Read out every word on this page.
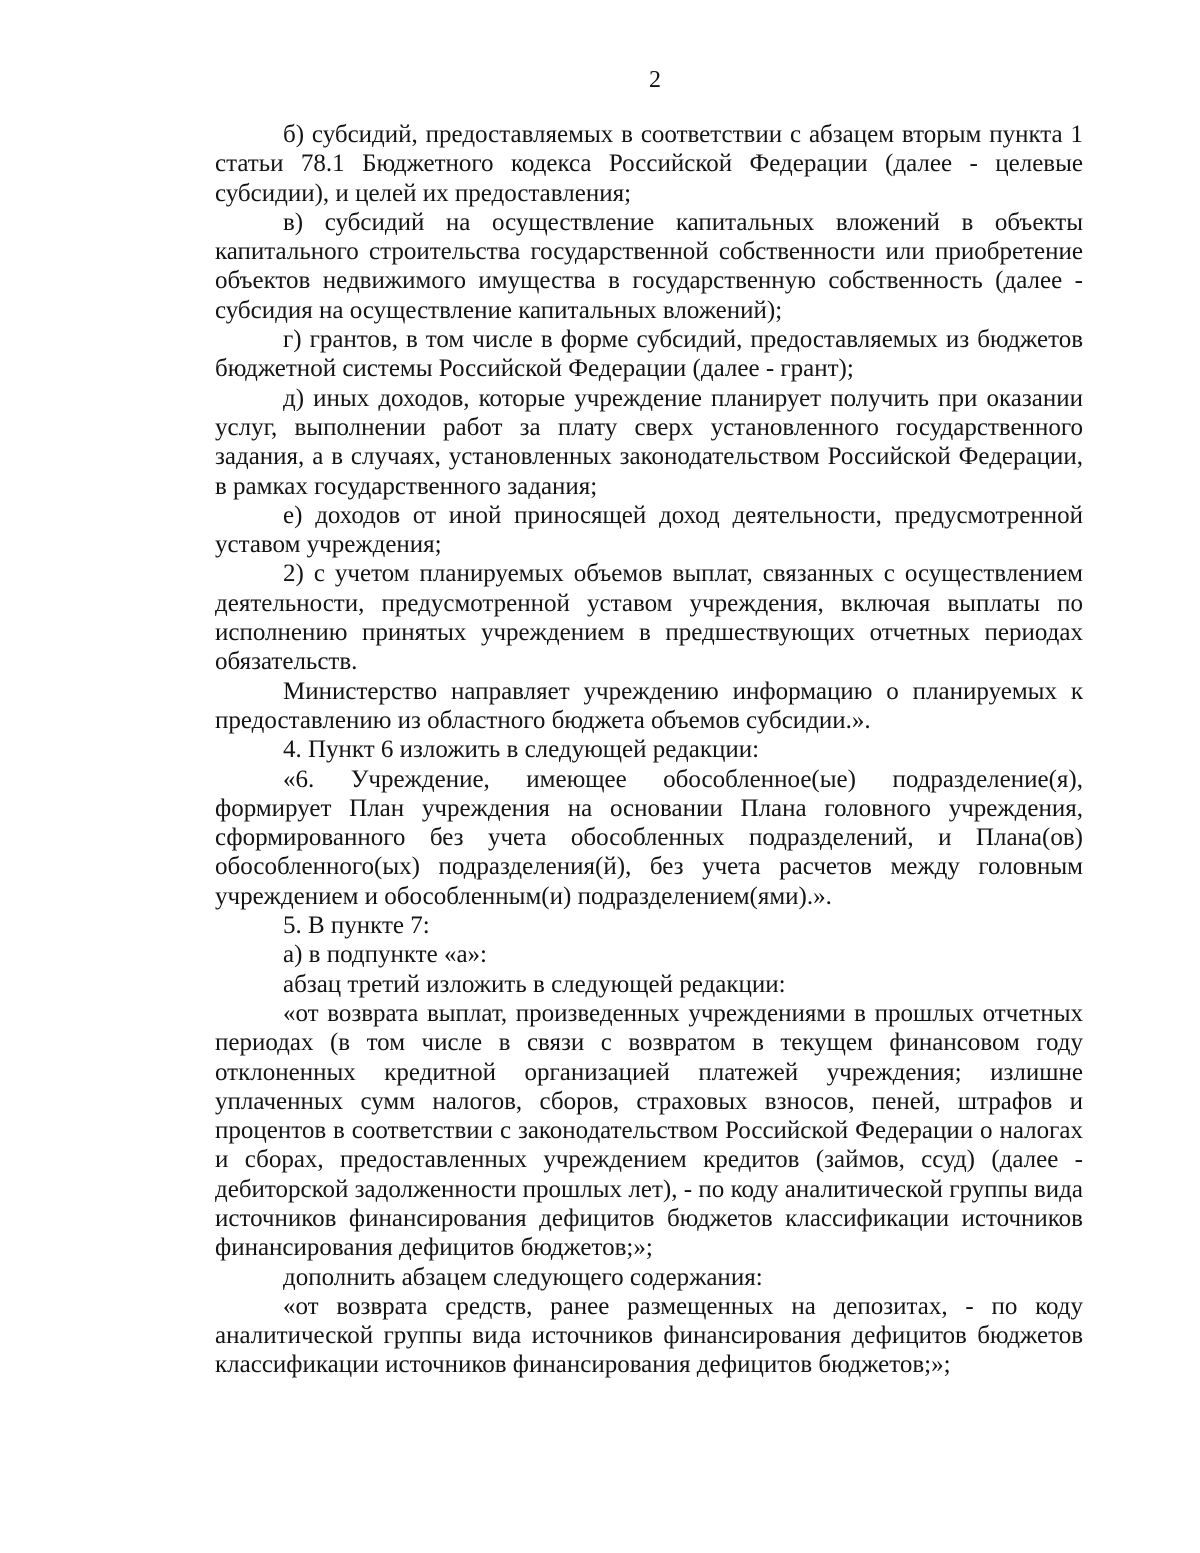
2

б) субсидий, предоставляемых в соответствии с абзацем вторым пункта 1 статьи 78.1 Бюджетного кодекса Российской Федерации (далее - целевые субсидии), и целей их предоставления;

в) субсидий на осуществление капитальных вложений в объекты капитального строительства государственной собственности или приобретение объектов недвижимого имущества в государственную собственность (далее - субсидия на осуществление капитальных вложений);

г) грантов, в том числе в форме субсидий, предоставляемых из бюджетов бюджетной системы Российской Федерации (далее - грант);

д) иных доходов, которые учреждение планирует получить при оказании услуг, выполнении работ за плату сверх установленного государственного задания, а в случаях, установленных законодательством Российской Федерации, в рамках государственного задания;

е) доходов от иной приносящей доход деятельности, предусмотренной уставом учреждения;

2) с учетом планируемых объемов выплат, связанных с осуществлением деятельности, предусмотренной уставом учреждения, включая выплаты по исполнению принятых учреждением в предшествующих отчетных периодах обязательств.

Министерство направляет учреждению информацию о планируемых к предоставлению из областного бюджета объемов субсидии.».

4. Пункт 6 изложить в следующей редакции:

«6. Учреждение, имеющее обособленное(ые) подразделение(я), формирует План учреждения на основании Плана головного учреждения, сформированного без учета обособленных подразделений, и Плана(ов) обособленного(ых) подразделения(й), без учета расчетов между головным учреждением и обособленным(и) подразделением(ями).».

5. В пункте 7:

а) в подпункте «а»:

абзац третий изложить в следующей редакции:

«от возврата выплат, произведенных учреждениями в прошлых отчетных периодах (в том числе в связи с возвратом в текущем финансовом году отклоненных кредитной организацией платежей учреждения; излишне уплаченных сумм налогов, сборов, страховых взносов, пеней, штрафов и процентов в соответствии с законодательством Российской Федерации о налогах и сборах, предоставленных учреждением кредитов (займов, ссуд) (далее - дебиторской задолженности прошлых лет), - по коду аналитической группы вида источников финансирования дефицитов бюджетов классификации источников финансирования дефицитов бюджетов;»;

дополнить абзацем следующего содержания:

«от возврата средств, ранее размещенных на депозитах, - по коду аналитической группы вида источников финансирования дефицитов бюджетов классификации источников финансирования дефицитов бюджетов;»;
